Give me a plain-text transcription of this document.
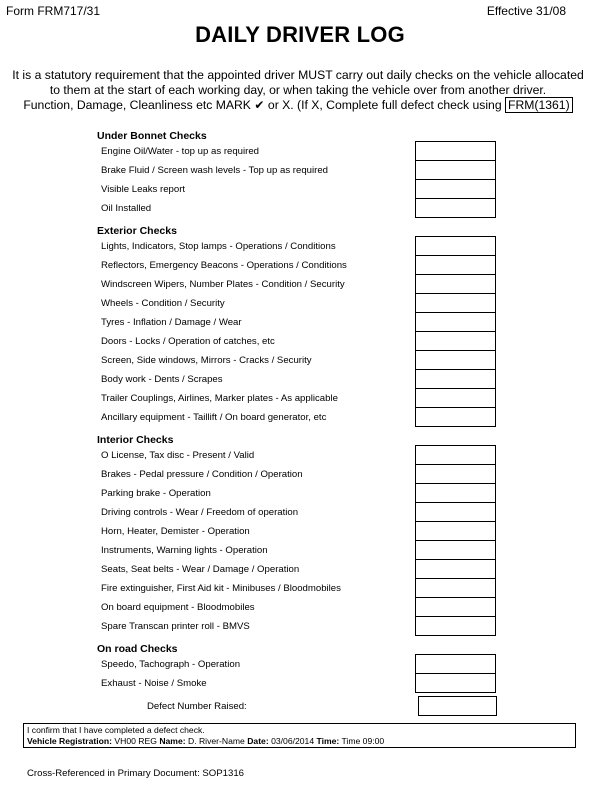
Form FRM717/31	Effective 31/08
DAILY DRIVER LOG
It is a statutory requirement that the appointed driver MUST carry out daily checks on the vehicle allocated
to them at the start of each working day, or when taking the vehicle over from another driver.
Function, Damage, Cleanliness etc MARK ✔ or X. (If X, Complete full defect check using FRM(1361)
Under Bonnet Checks
Engine Oil/Water - top up as required
Brake Fluid / Screen wash levels - Top up as required
Visible Leaks report
Oil Installed
Exterior Checks
Lights, Indicators, Stop lamps - Operations / Conditions
Reflectors, Emergency Beacons - Operations / Conditions
Windscreen Wipers, Number Plates - Condition / Security
Wheels - Condition / Security
Tyres - Inflation / Damage / Wear
Doors - Locks / Operation of catches, etc
Screen, Side windows, Mirrors - Cracks / Security
Body work - Dents / Scrapes
Trailer Couplings, Airlines, Marker plates - As applicable
Ancillary equipment - Taillift / On board generator, etc
Interior Checks
O License, Tax disc - Present / Valid
Brakes - Pedal pressure / Condition / Operation
Parking brake - Operation
Driving controls - Wear / Freedom of operation
Horn, Heater, Demister - Operation
Instruments, Warning lights - Operation
Seats, Seat belts - Wear / Damage / Operation
Fire extinguisher, First Aid kit - Minibuses / Bloodmobiles
On board equipment - Bloodmobiles
Spare Transcan printer roll - BMVS
On road Checks
Speedo, Tachograph - Operation
Exhaust - Noise / Smoke
Defect Number Raised:
I confirm that I have completed a defect check.
Vehicle Registration: VH00 REG Name: D. River-Name Date: 03/06/2014 Time: Time 09:00
Cross-Referenced in Primary Document: SOP1316
